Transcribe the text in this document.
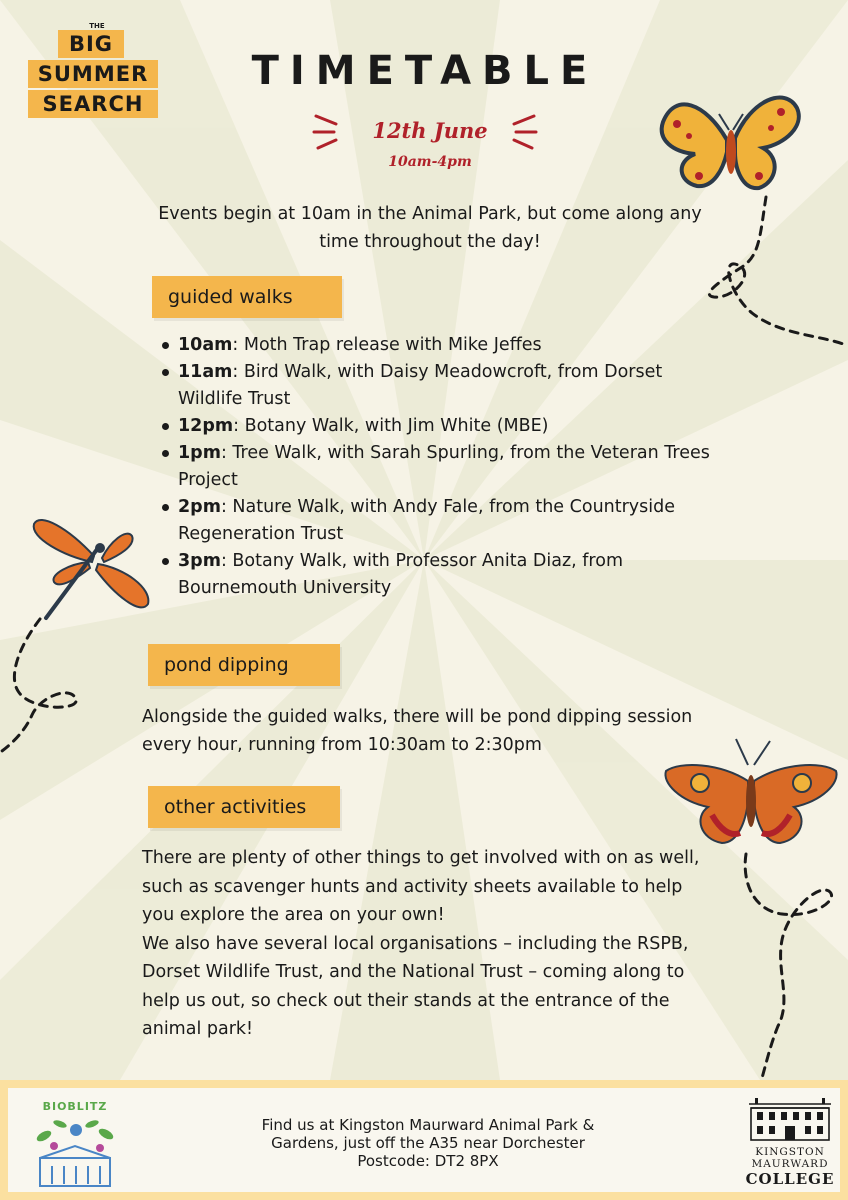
THE
BIG
SUMMER
SEARCH
TIMETABLE
12th June
10am-4pm

Events begin at 10am in the Animal Park, but come along any time throughout the day!

guided walks
10am: Moth Trap release with Mike Jeffes
11am: Bird Walk, with Daisy Meadowcroft, from Dorset Wildlife Trust
12pm: Botany Walk, with Jim White (MBE)
1pm: Tree Walk, with Sarah Spurling, from the Veteran Trees Project
2pm: Nature Walk, with Andy Fale, from the Countryside Regeneration Trust
3pm: Botany Walk, with Professor Anita Diaz, from Bournemouth University
pond dipping

Alongside the guided walks, there will be pond dipping session every hour, running from 10:30am to 2:30pm

other activities

There are plenty of other things to get involved with on as well, such as scavenger hunts and activity sheets available to help you explore the area on your own!

We also have several local organisations – including the RSPB, Dorset Wildlife Trust, and the National Trust – coming along to help us out, so check out their stands at the entrance of the animal park!

BIOBLITZ
Find us at Kingston Maurward Animal Park &
Gardens, just off the A35 near Dorchester
Postcode: DT2 8PX	KINGSTON
MAURWARD
COLLEGE
